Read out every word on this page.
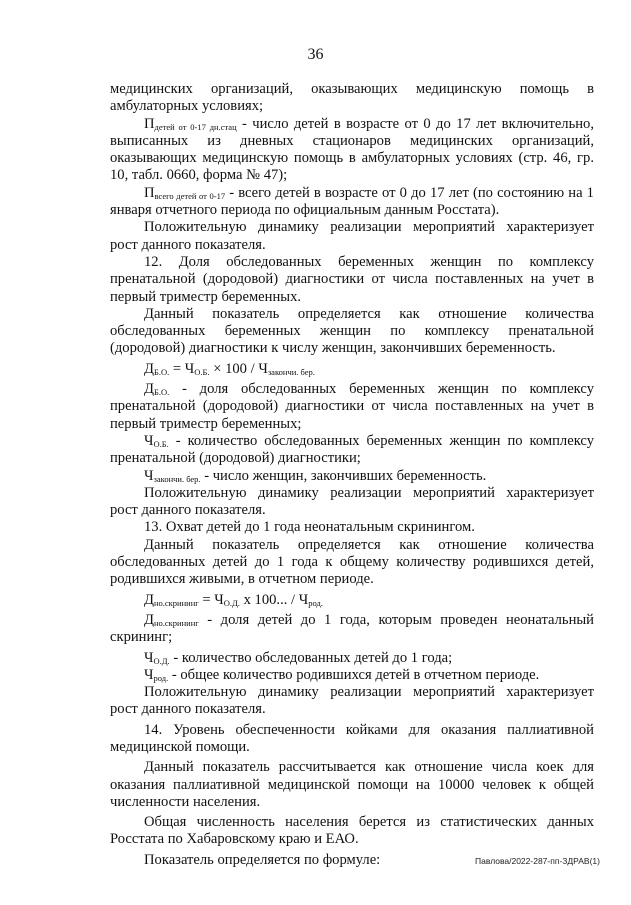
36

медицинских организаций, оказывающих медицинскую помощь в амбулаторных условиях;

$П_{детей от 0-17 дн.стац}$ - число детей в возрасте от 0 до 17 лет включительно, выписанных из дневных стационаров медицинских организаций, оказывающих медицинскую помощь в амбулаторных условиях (стр. 46, гр. 10, табл. 0660, форма № 47);

$П_{всего детей от 0-17}$ - всего детей в возрасте от 0 до 17 лет (по состоянию на 1 января отчетного периода по официальным данным Росстата).

Положительную динамику реализации мероприятий характеризует рост данного показателя.

12. Доля обследованных беременных женщин по комплексу пренатальной (дородовой) диагностики от числа поставленных на учет в первый триместр беременных.

Данный показатель определяется как отношение количества обследованных беременных женщин по комплексу пренатальной (дородовой) диагностики к числу женщин, закончивших беременность.

$Д_{Б.О.} = Ч_{О.Б.} \times 100 / Ч_{закончи. бер.}$

$Д_{Б.О.}$ - доля обследованных беременных женщин по комплексу пренатальной (дородовой) диагностики от числа поставленных на учет в первый триместр беременных;

$Ч_{О.Б.}$ - количество обследованных беременных женщин по комплексу пренатальной (дородовой) диагностики;

$Ч_{закончи. бер.}$ - число женщин, закончивших беременность.

Положительную динамику реализации мероприятий характеризует рост данного показателя.

13. Охват детей до 1 года неонатальным скринингом.

Данный показатель определяется как отношение количества обследованных детей до 1 года к общему количеству родившихся детей, родившихся живыми, в отчетном периоде.

$Д_{но.скрининг} = Ч_{О.Д.}$ х 100... / $Ч_{род.}$

$Д_{но.скрининг}$ - доля детей до 1 года, которым проведен неонатальный скрининг;

$Ч_{О.Д.}$ - количество обследованных детей до 1 года;

$Ч_{род.}$ - общее количество родившихся детей в отчетном периоде.

Положительную динамику реализации мероприятий характеризует рост данного показателя.

14. Уровень обеспеченности койками для оказания паллиативной медицинской помощи.

Данный показатель рассчитывается как отношение числа коек для оказания паллиативной медицинской помощи на 10000 человек к общей численности населения.

Общая численность населения берется из статистических данных Росстата по Хабаровскому краю и ЕАО.

Показатель определяется по формуле:	Павлова/2022-287-пп-ЗДРАВ(1)
